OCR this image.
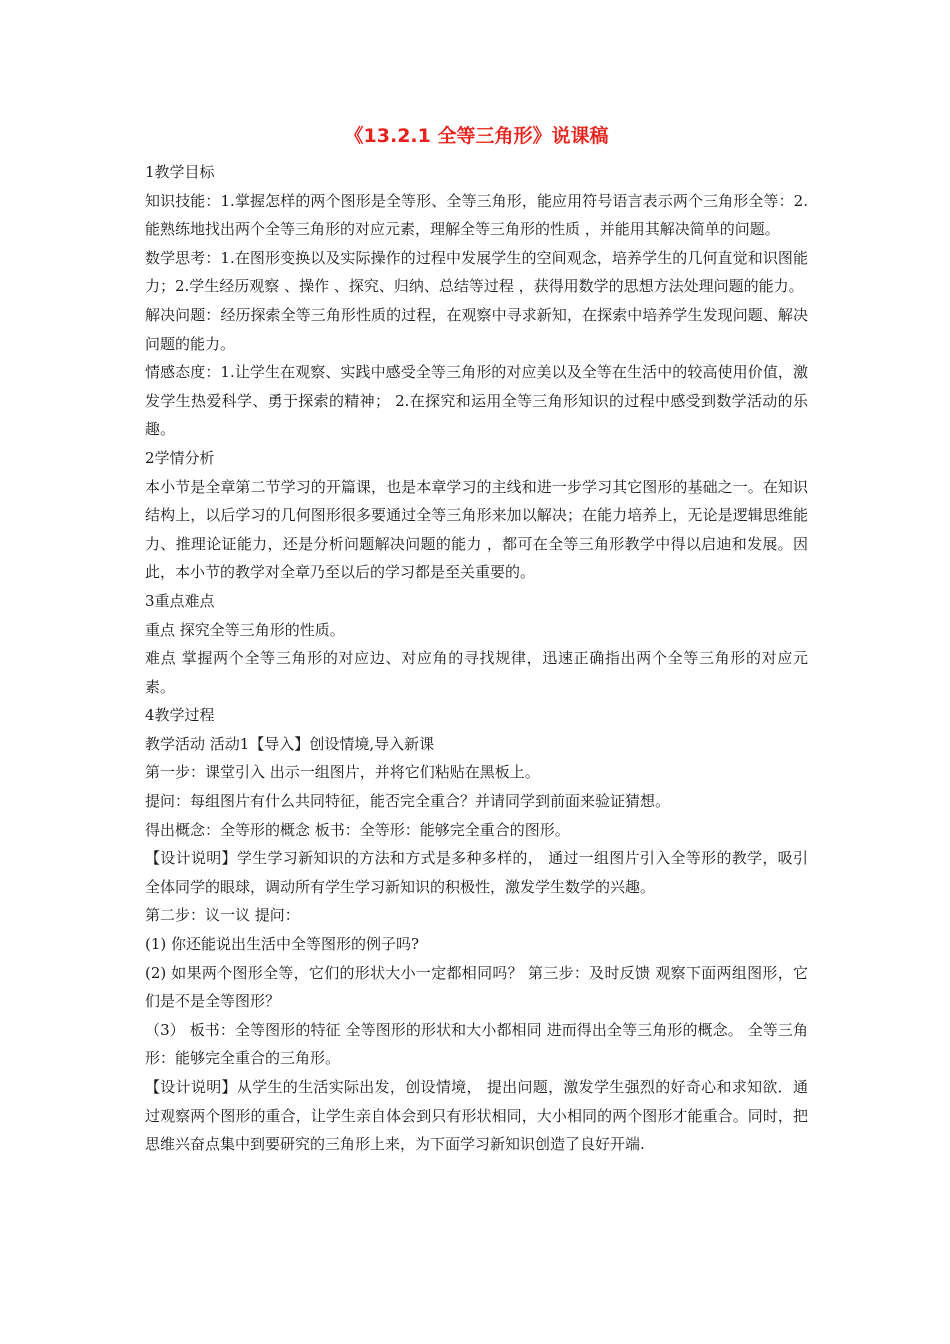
《13.2.1 全等三角形》说课稿

1教学目标

知识技能：1.掌握怎样的两个图形是全等形、全等三角形，能应用符号语言表示两个三角形全等：2.能熟练地找出两个全等三角形的对应元素，理解全等三角形的性质 ，并能用其解决简单的问题。

数学思考：1.在图形变换以及实际操作的过程中发展学生的空间观念，培养学生的几何直觉和识图能力；2.学生经历观察 、操作 、探究、归纳、总结等过程 ，获得用数学的思想方法处理问题的能力。

解决问题：经历探索全等三角形性质的过程，在观察中寻求新知，在探索中培养学生发现问题、解决问题的能力。

情感态度：1.让学生在观察、实践中感受全等三角形的对应美以及全等在生活中的较高使用价值，激发学生热爱科学、勇于探索的精神； 2.在探究和运用全等三角形知识的过程中感受到数学活动的乐趣。

2学情分析

本小节是全章第二节学习的开篇课，也是本章学习的主线和进一步学习其它图形的基础之一。在知识结构上，以后学习的几何图形很多要通过全等三角形来加以解决；在能力培养上，无论是逻辑思维能力、推理论证能力，还是分析问题解决问题的能力 ，都可在全等三角形教学中得以启迪和发展。因此，本小节的教学对全章乃至以后的学习都是至关重要的。

3重点难点

重点 探究全等三角形的性质。

难点 掌握两个全等三角形的对应边、对应角的寻找规律，迅速正确指出两个全等三角形的对应元素。

4教学过程

教学活动 活动1【导入】创设情境,导入新课

第一步：课堂引入 出示一组图片，并将它们粘贴在黑板上。

提问：每组图片有什么共同特征，能否完全重合？并请同学到前面来验证猜想。

得出概念：全等形的概念 板书：全等形：能够完全重合的图形。

【设计说明】学生学习新知识的方法和方式是多种多样的， 通过一组图片引入全等形的教学，吸引全体同学的眼球，调动所有学生学习新知识的积极性，激发学生数学的兴趣。

第二步：议一议 提问：

(1) 你还能说出生活中全等图形的例子吗?

(2) 如果两个图形全等，它们的形状大小一定都相同吗？ 第三步：及时反馈 观察下面两组图形，它们是不是全等图形？

（3） 板书：全等图形的特征 全等图形的形状和大小都相同 进而得出全等三角形的概念。 全等三角形：能够完全重合的三角形。

【设计说明】从学生的生活实际出发，创设情境， 提出问题，激发学生强烈的好奇心和求知欲．通过观察两个图形的重合，让学生亲自体会到只有形状相同，大小相同的两个图形才能重合。同时，把思维兴奋点集中到要研究的三角形上来，为下面学习新知识创造了良好开端.
